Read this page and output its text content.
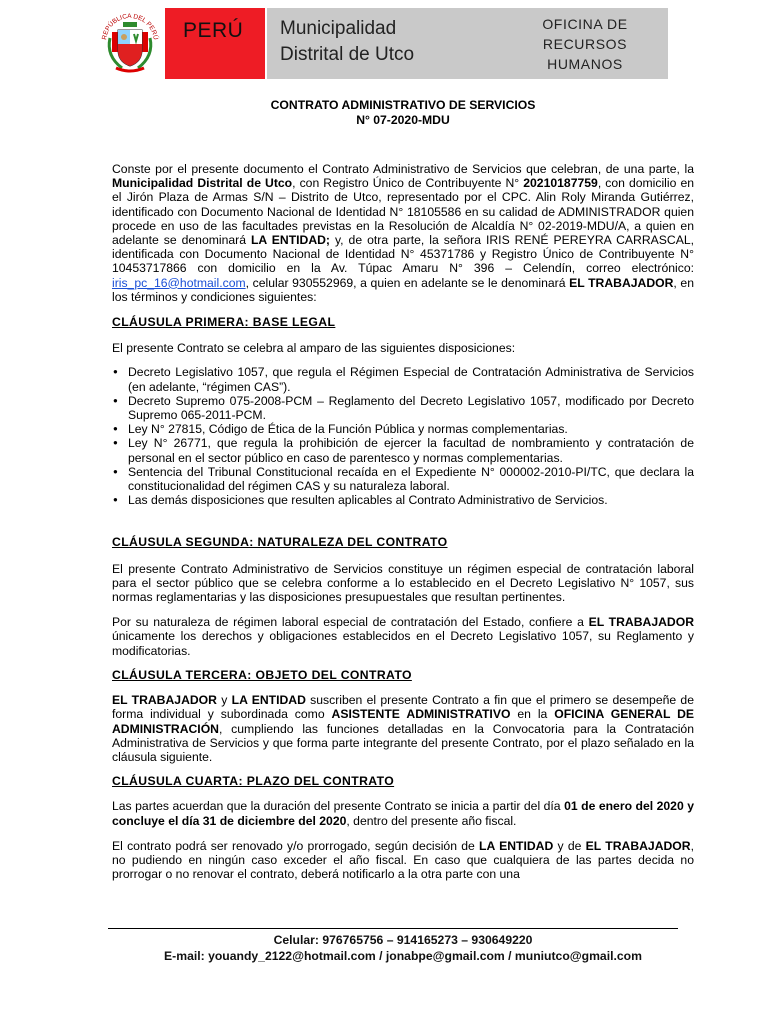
REPÚBLICA DEL PERÚ PERÚ Municipalidad
Distrital de Utco
OFICINA DE
RECURSOS
HUMANOS

CONTRATO ADMINISTRATIVO DE SERVICIOS
N° 07-2020-MDU

Conste por el presente documento el Contrato Administrativo de Servicios que celebran, de una parte, la Municipalidad Distrital de Utco, con Registro Único de Contribuyente N° 20210187759, con domicilio en el Jirón Plaza de Armas S/N – Distrito de Utco, representado por el CPC. Alin Roly Miranda Gutiérrez, identificado con Documento Nacional de Identidad N° 18105586 en su calidad de ADMINISTRADOR quien procede en uso de las facultades previstas en la Resolución de Alcaldía N° 02-2019-MDU/A, a quien en adelante se denominará LA ENTIDAD; y, de otra parte, la señora IRIS RENÉ PEREYRA CARRASCAL, identificada con Documento Nacional de Identidad N° 45371786 y Registro Único de Contribuyente N° 10453717866 con domicilio en la Av. Túpac Amaru N° 396 – Celendín, correo electrónico: iris_pc_16@hotmail.com, celular 930552969, a quien en adelante se le denominará EL TRABAJADOR, en los términos y condiciones siguientes:

CLÁUSULA PRIMERA: BASE LEGAL

El presente Contrato se celebra al amparo de las siguientes disposiciones:

● Decreto Legislativo 1057, que regula el Régimen Especial de Contratación Administrativa de Servicios (en adelante, “régimen CAS”).
● Decreto Supremo 075-2008-PCM – Reglamento del Decreto Legislativo 1057, modificado por Decreto Supremo 065-2011-PCM.
● Ley N° 27815, Código de Ética de la Función Pública y normas complementarias.
● Ley N° 26771, que regula la prohibición de ejercer la facultad de nombramiento y contratación de personal en el sector público en caso de parentesco y normas complementarias.
● Sentencia del Tribunal Constitucional recaída en el Expediente N° 000002-2010-PI/TC, que declara la constitucionalidad del régimen CAS y su naturaleza laboral.
● Las demás disposiciones que resulten aplicables al Contrato Administrativo de Servicios.

CLÁUSULA SEGUNDA: NATURALEZA DEL CONTRATO

El presente Contrato Administrativo de Servicios constituye un régimen especial de contratación laboral para el sector público que se celebra conforme a lo establecido en el Decreto Legislativo N° 1057, sus normas reglamentarias y las disposiciones presupuestales que resultan pertinentes.

Por su naturaleza de régimen laboral especial de contratación del Estado, confiere a EL TRABAJADOR únicamente los derechos y obligaciones establecidos en el Decreto Legislativo 1057, su Reglamento y modificatorias.

CLÁUSULA TERCERA: OBJETO DEL CONTRATO

EL TRABAJADOR y LA ENTIDAD suscriben el presente Contrato a fin que el primero se desempeñe de forma individual y subordinada como ASISTENTE ADMINISTRATIVO en la OFICINA GENERAL DE ADMINISTRACIÓN, cumpliendo las funciones detalladas en la Convocatoria para la Contratación Administrativa de Servicios y que forma parte integrante del presente Contrato, por el plazo señalado en la cláusula siguiente.

CLÁUSULA CUARTA: PLAZO DEL CONTRATO

Las partes acuerdan que la duración del presente Contrato se inicia a partir del día 01 de enero del 2020 y concluye el día 31 de diciembre del 2020, dentro del presente año fiscal.

El contrato podrá ser renovado y/o prorrogado, según decisión de LA ENTIDAD y de EL TRABAJADOR, no pudiendo en ningún caso exceder el año fiscal. En caso que cualquiera de las partes decida no prorrogar o no renovar el contrato, deberá notificarlo a la otra parte con una

Celular: 976765756 – 914165273 – 930649220
E-mail: youandy_2122@hotmail.com / jonabpe@gmail.com / muniutco@gmail.com
